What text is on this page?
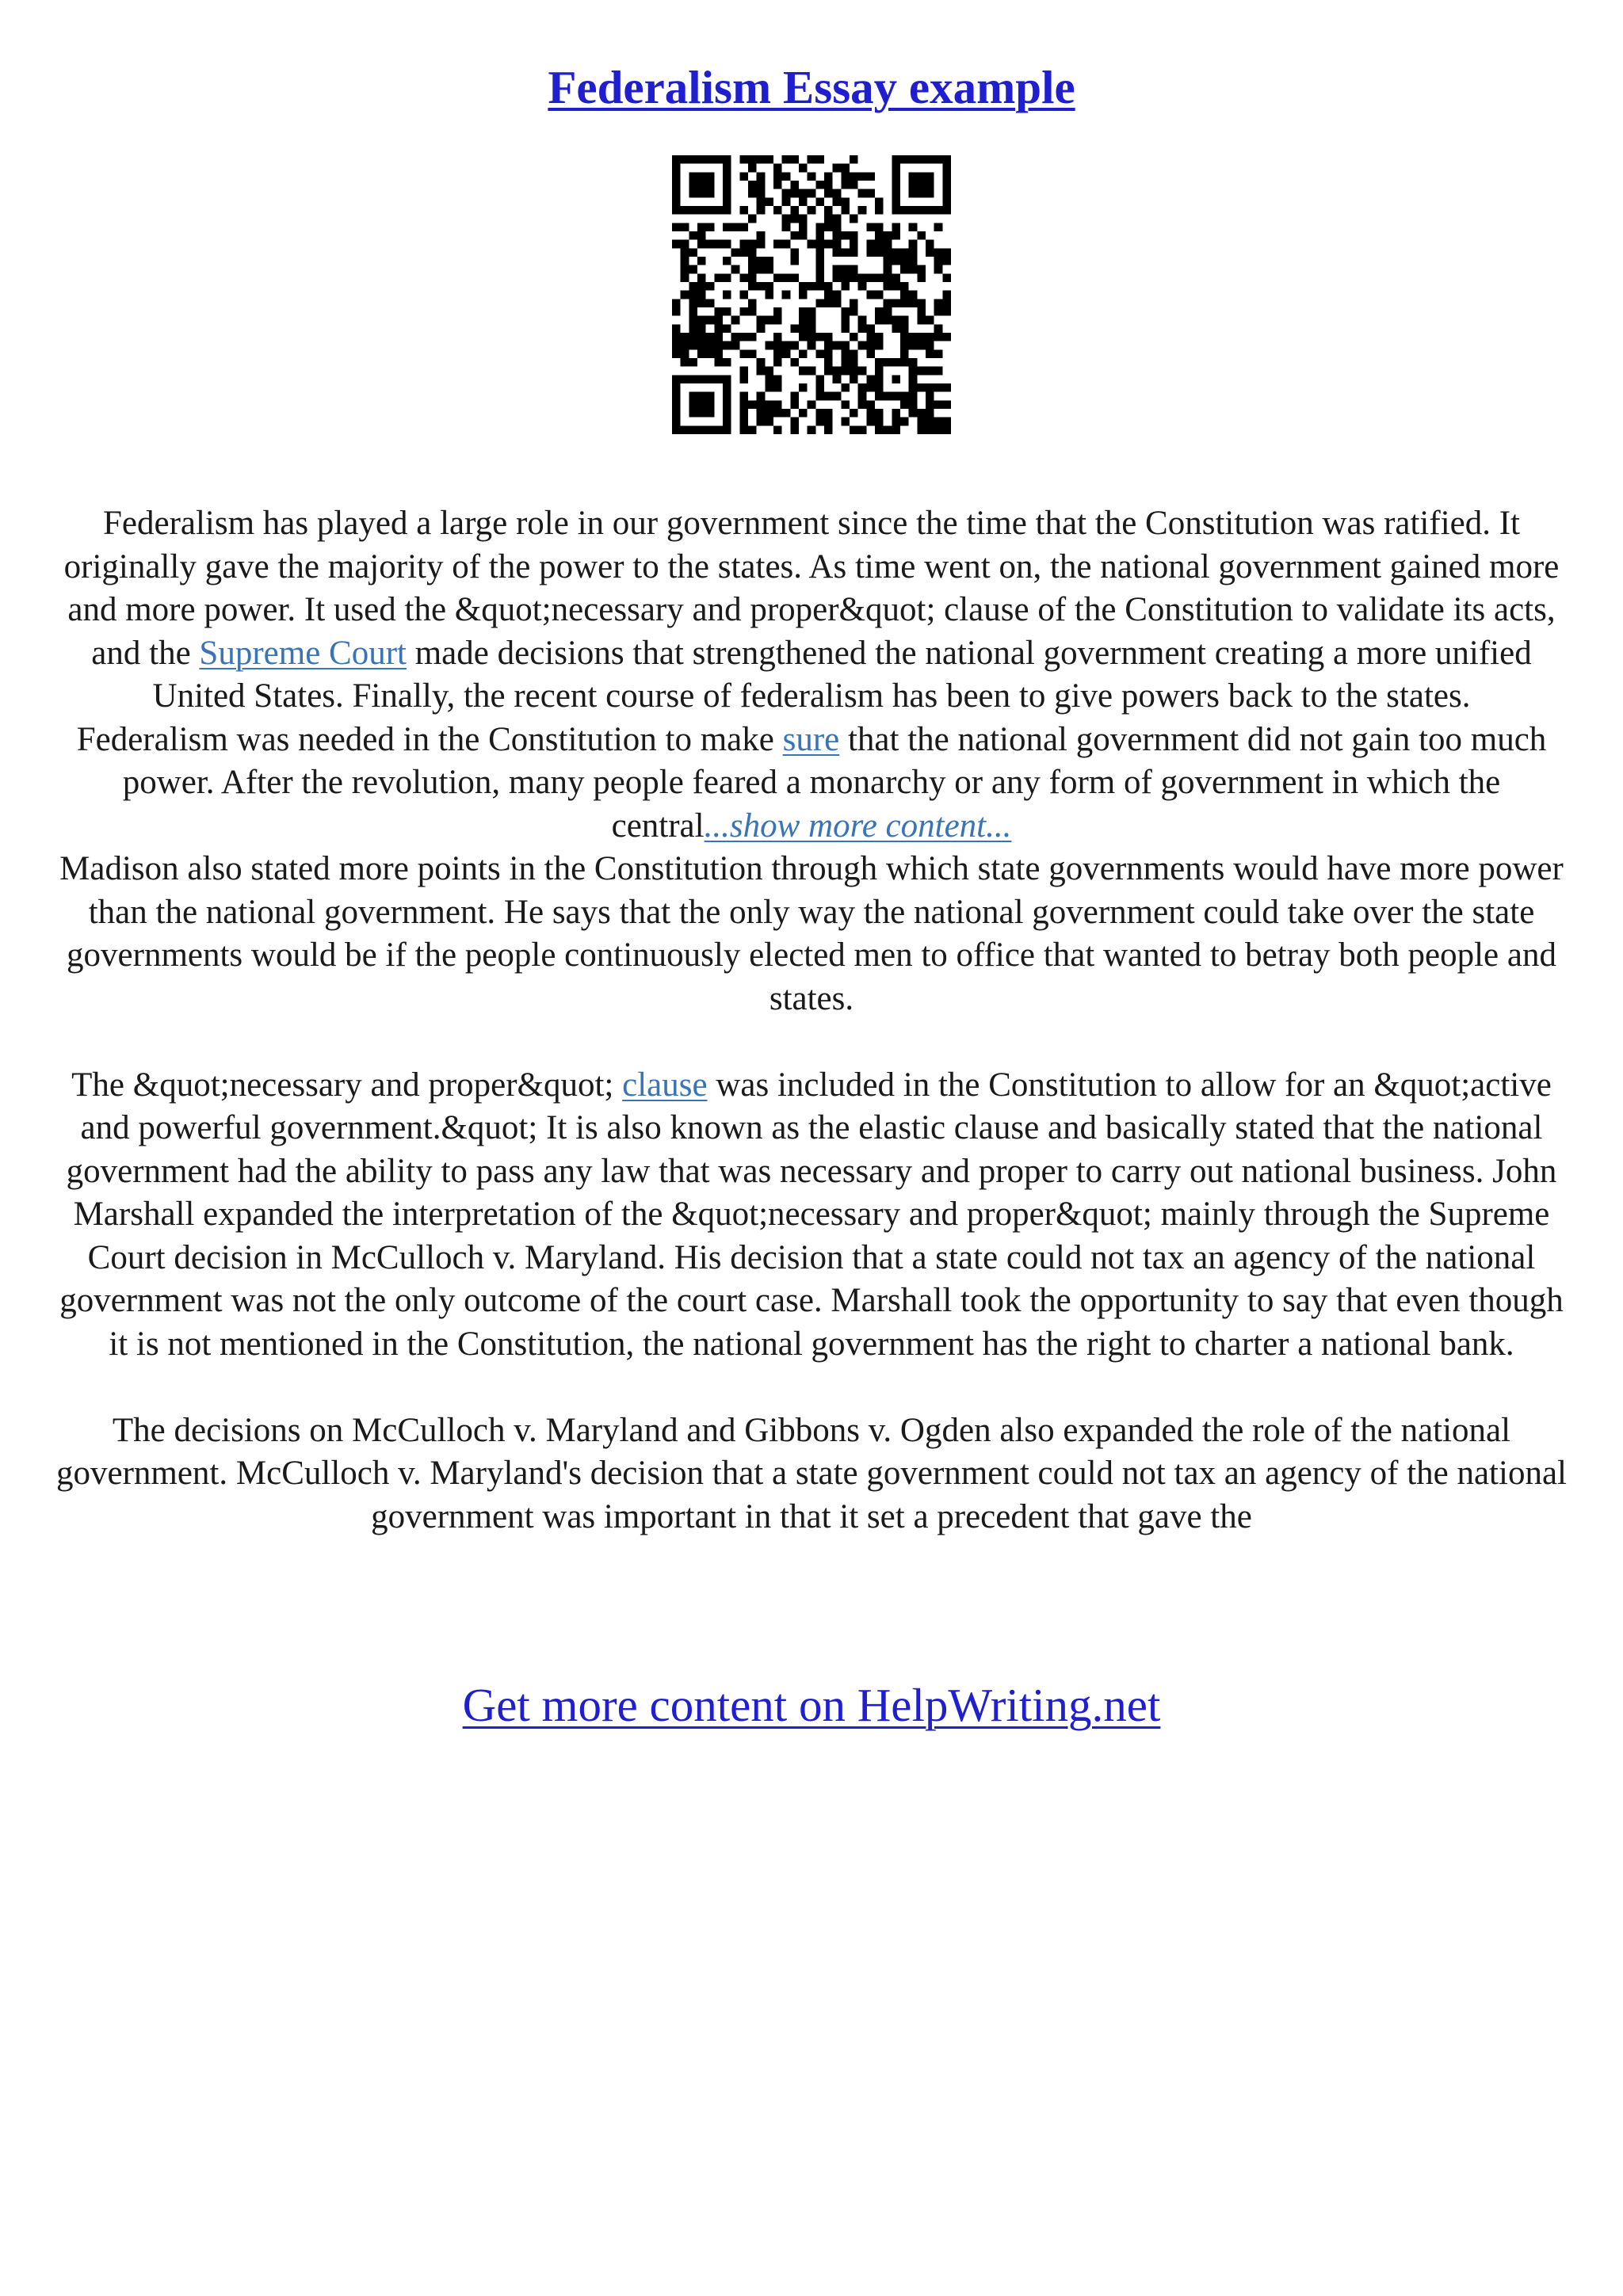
Federalism Essay example

Federalism has played a large role in our government since the time that the Constitution was ratified. It originally gave the majority of the power to the states. As time went on, the national government gained more and more power. It used the &quot;necessary and proper&quot; clause of the Constitution to validate its acts, and the Supreme Court made decisions that strengthened the national government creating a more unified United States. Finally, the recent course of federalism has been to give powers back to the states.

Federalism was needed in the Constitution to make sure that the national government did not gain too much power. After the revolution, many people feared a monarchy or any form of government in which the central...show more content...

Madison also stated more points in the Constitution through which state governments would have more power than the national government. He says that the only way the national government could take over the state governments would be if the people continuously elected men to office that wanted to betray both people and states.

The &quot;necessary and proper&quot; clause was included in the Constitution to allow for an &quot;active and powerful government.&quot; It is also known as the elastic clause and basically stated that the national government had the ability to pass any law that was necessary and proper to carry out national business. John Marshall expanded the interpretation of the &quot;necessary and proper&quot; mainly through the Supreme Court decision in McCulloch v. Maryland. His decision that a state could not tax an agency of the national government was not the only outcome of the court case. Marshall took the opportunity to say that even though it is not mentioned in the Constitution, the national government has the right to charter a national bank.

The decisions on McCulloch v. Maryland and Gibbons v. Ogden also expanded the role of the national government. McCulloch v. Maryland's decision that a state government could not tax an agency of the national government was important in that it set a precedent that gave the

Get more content on HelpWriting.net
